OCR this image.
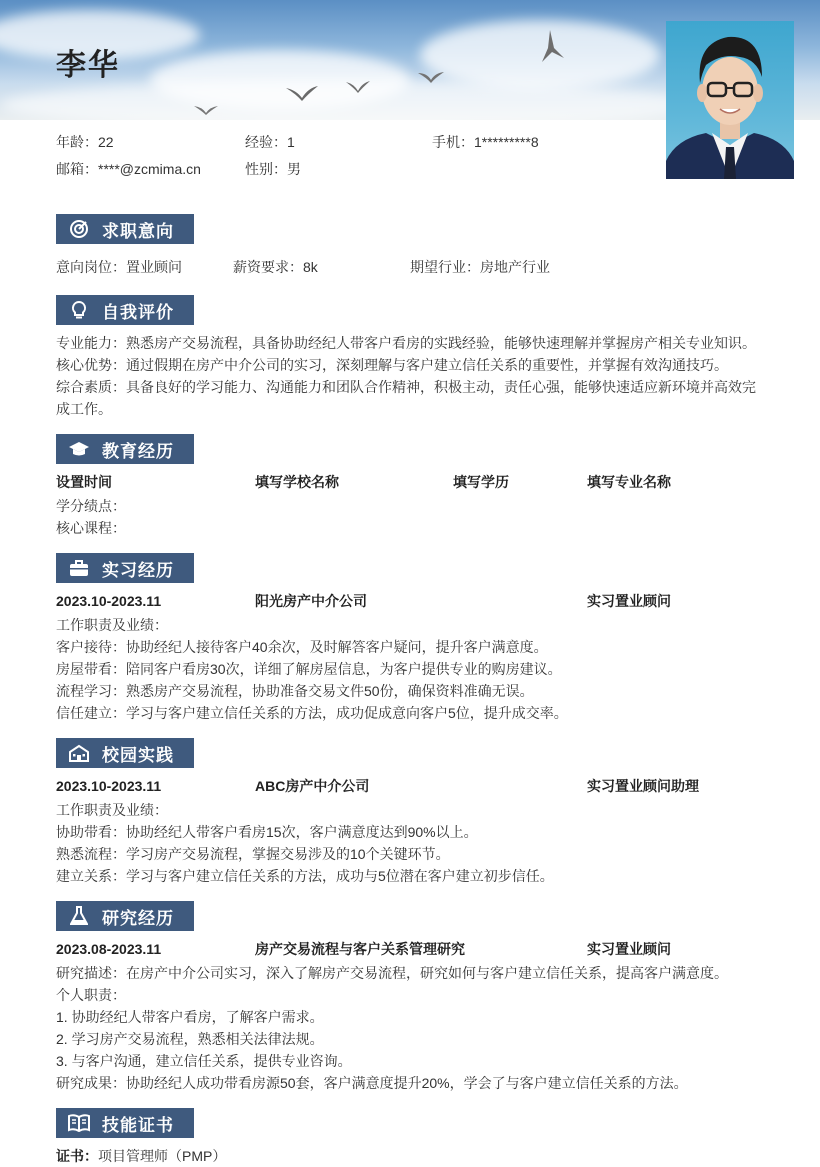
李华
年龄：22	经验：1	手机：1*********8
邮箱：****@zcmima.cn	性别：男
求职意向
意向岗位：置业顾问	薪资要求：8k	期望行业：房地产行业
自我评价
专业能力：熟悉房产交易流程，具备协助经纪人带客户看房的实践经验，能够快速理解并掌握房产相关专业知识。
核心优势：通过假期在房产中介公司的实习，深刻理解与客户建立信任关系的重要性，并掌握有效沟通技巧。
综合素质：具备良好的学习能力、沟通能力和团队合作精神，积极主动，责任心强，能够快速适应新环境并高效完成工作。
教育经历
设置时间	填写学校名称	填写学历	填写专业名称
学分绩点：
核心课程：
实习经历
2023.10-2023.11	阳光房产中介公司	实习置业顾问
工作职责及业绩：
客户接待：协助经纪人接待客户40余次，及时解答客户疑问，提升客户满意度。
房屋带看：陪同客户看房30次，详细了解房屋信息，为客户提供专业的购房建议。
流程学习：熟悉房产交易流程，协助准备交易文件50份，确保资料准确无误。
信任建立：学习与客户建立信任关系的方法，成功促成意向客户5位，提升成交率。
校园实践
2023.10-2023.11	ABC房产中介公司	实习置业顾问助理
工作职责及业绩：
协助带看：协助经纪人带客户看房15次，客户满意度达到90%以上。
熟悉流程：学习房产交易流程，掌握交易涉及的10个关键环节。
建立关系：学习与客户建立信任关系的方法，成功与5位潜在客户建立初步信任。
研究经历
2023.08-2023.11	房产交易流程与客户关系管理研究	实习置业顾问
研究描述：在房产中介公司实习，深入了解房产交易流程，研究如何与客户建立信任关系，提高客户满意度。
个人职责：
1. 协助经纪人带客户看房，了解客户需求。
2. 学习房产交易流程，熟悉相关法律法规。
3. 与客户沟通，建立信任关系，提供专业咨询。
研究成果：协助经纪人成功带看房源50套，客户满意度提升20%，学会了与客户建立信任关系的方法。
技能证书
证书：项目管理师（PMP）
